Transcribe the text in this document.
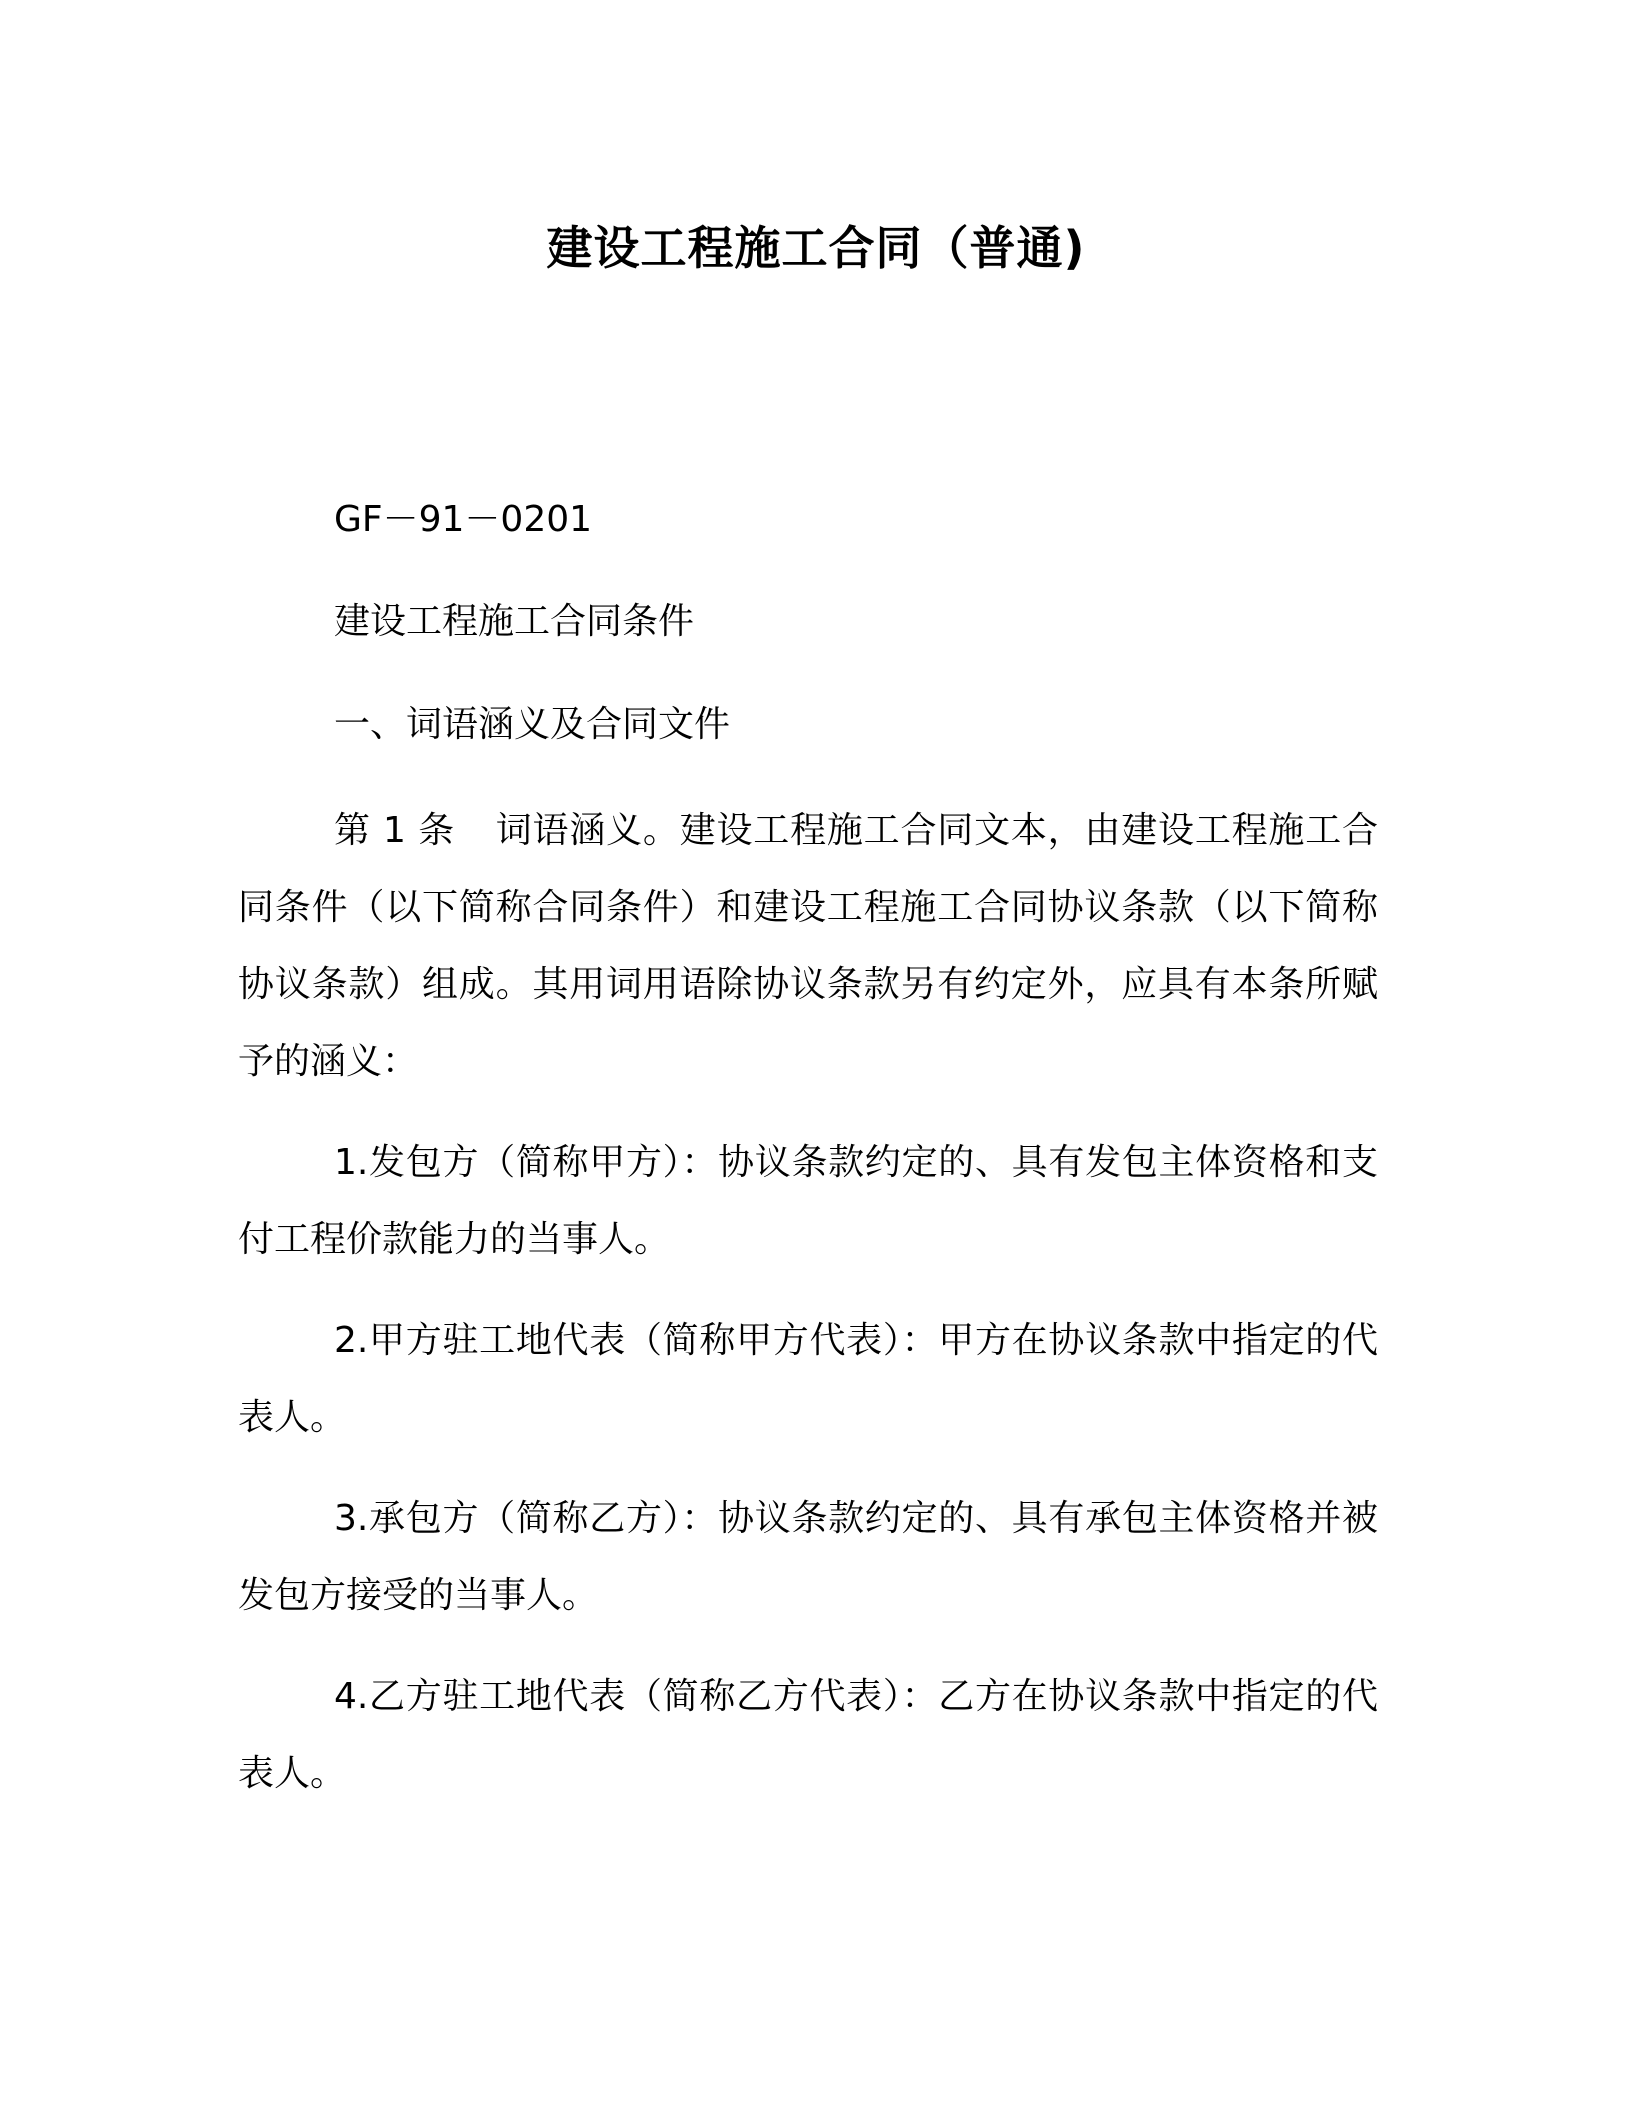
建设工程施工合同（普通)
GF－91－0201
建设工程施工合同条件
一、词语涵义及合同文件

第 1 条 词语涵义。建设工程施工合同文本，由建设工程施工合同条件（以下简称合同条件）和建设工程施工合同协议条款（以下简称协议条款）组成。其用词用语除协议条款另有约定外，应具有本条所赋予的涵义：

1.发包方（简称甲方）：协议条款约定的、具有发包主体资格和支付工程价款能力的当事人。

2.甲方驻工地代表（简称甲方代表）：甲方在协议条款中指定的代表人。

3.承包方（简称乙方）：协议条款约定的、具有承包主体资格并被发包方接受的当事人。

4.乙方驻工地代表（简称乙方代表）：乙方在协议条款中指定的代表人。
